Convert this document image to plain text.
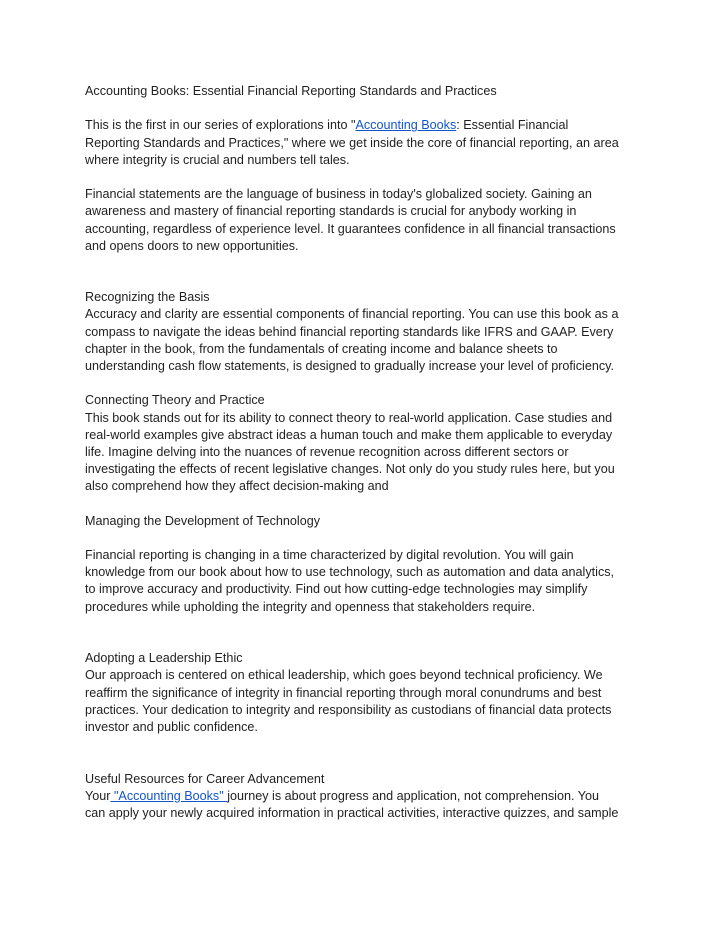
Accounting Books: Essential Financial Reporting Standards and Practices
This is the first in our series of explorations into "Accounting Books: Essential Financial
Reporting Standards and Practices," where we get inside the core of financial reporting, an area
where integrity is crucial and numbers tell tales.
Financial statements are the language of business in today's globalized society. Gaining an
awareness and mastery of financial reporting standards is crucial for anybody working in
accounting, regardless of experience level. It guarantees confidence in all financial transactions
and opens doors to new opportunities.
Recognizing the Basis
Accuracy and clarity are essential components of financial reporting. You can use this book as a
compass to navigate the ideas behind financial reporting standards like IFRS and GAAP. Every
chapter in the book, from the fundamentals of creating income and balance sheets to
understanding cash flow statements, is designed to gradually increase your level of proficiency.
Connecting Theory and Practice
This book stands out for its ability to connect theory to real-world application. Case studies and
real-world examples give abstract ideas a human touch and make them applicable to everyday
life. Imagine delving into the nuances of revenue recognition across different sectors or
investigating the effects of recent legislative changes. Not only do you study rules here, but you
also comprehend how they affect decision-making and
Managing the Development of Technology
Financial reporting is changing in a time characterized by digital revolution. You will gain
knowledge from our book about how to use technology, such as automation and data analytics,
to improve accuracy and productivity. Find out how cutting-edge technologies may simplify
procedures while upholding the integrity and openness that stakeholders require.
Adopting a Leadership Ethic
Our approach is centered on ethical leadership, which goes beyond technical proficiency. We
reaffirm the significance of integrity in financial reporting through moral conundrums and best
practices. Your dedication to integrity and responsibility as custodians of financial data protects
investor and public confidence.
Useful Resources for Career Advancement
Your "Accounting Books" journey is about progress and application, not comprehension. You
can apply your newly acquired information in practical activities, interactive quizzes, and sample
